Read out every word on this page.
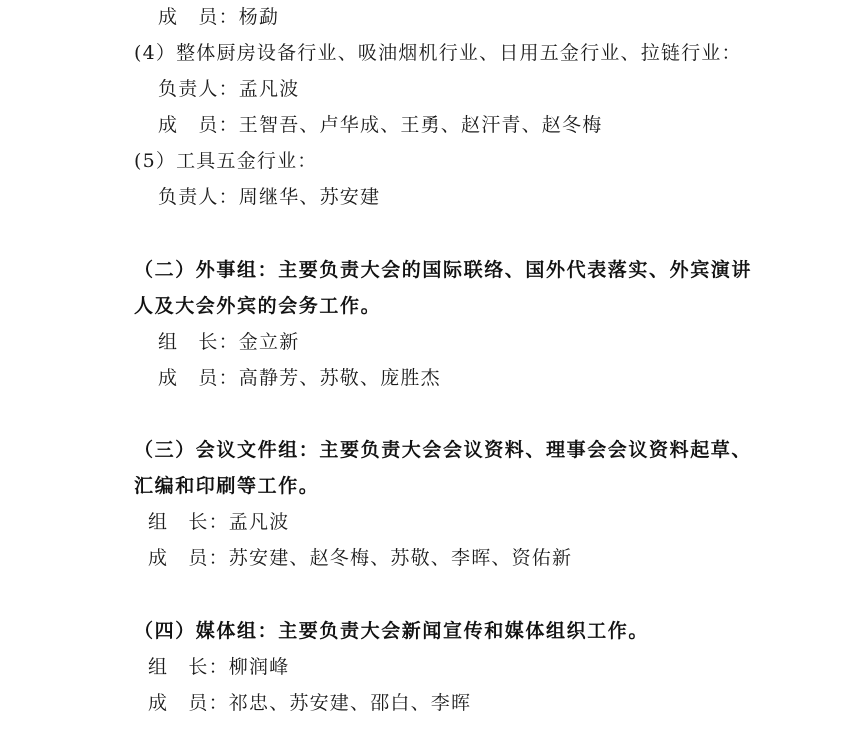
成　员：杨勐
(4）整体厨房设备行业、吸油烟机行业、日用五金行业、拉链行业：
负责人：孟凡波
成　员：王智吾、卢华成、王勇、赵汗青、赵冬梅
(5）工具五金行业：
负责人：周继华、苏安建
（二）外事组：主要负责大会的国际联络、国外代表落实、外宾演讲
人及大会外宾的会务工作。
组　长：金立新
成　员：高静芳、苏敬、庞胜杰
（三）会议文件组：主要负责大会会议资料、理事会会议资料起草、
汇编和印刷等工作。
组　长：孟凡波
成　员：苏安建、赵冬梅、苏敬、李晖、资佑新
（四）媒体组：主要负责大会新闻宣传和媒体组织工作。
组　长：柳润峰
成　员：祁忠、苏安建、邵白、李晖
